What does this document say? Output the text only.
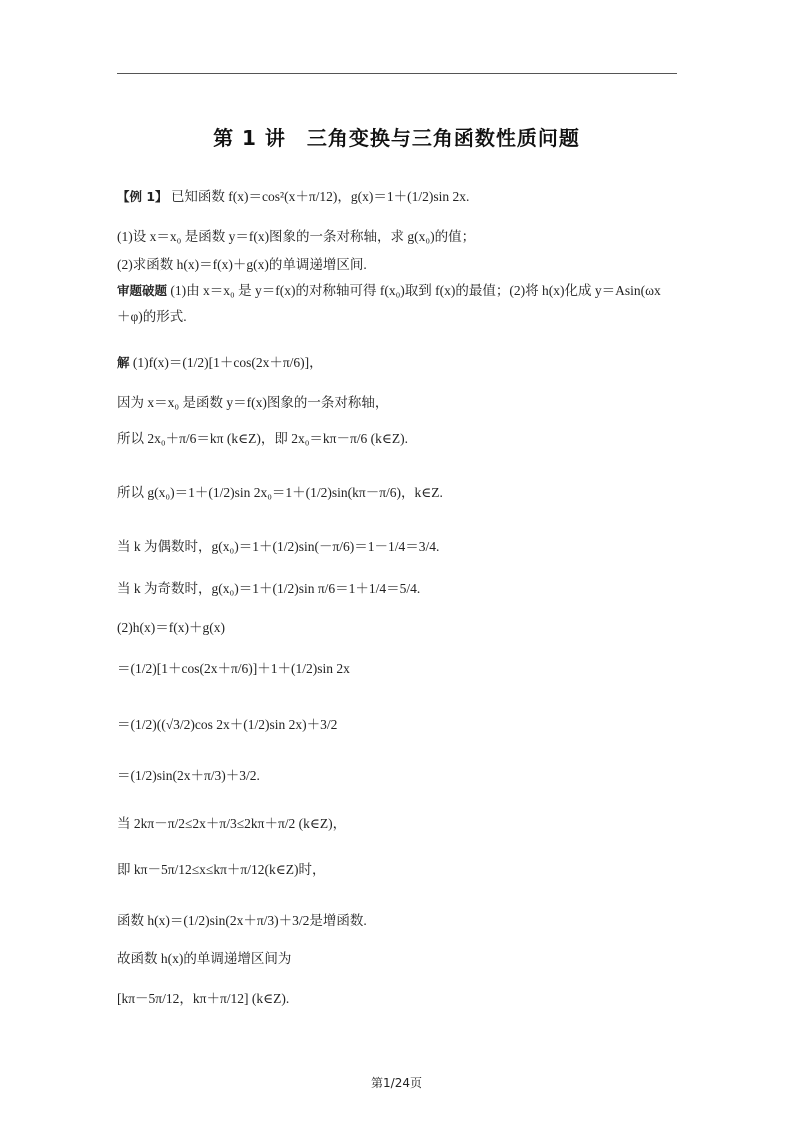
第 1 讲　三角变换与三角函数性质问题
【例 1】 已知函数 f(x)＝cos²(x＋π/12)，g(x)＝1＋(1/2)sin 2x.
(1)设 x＝x₀ 是函数 y＝f(x)图象的一条对称轴，求 g(x₀)的值；
(2)求函数 h(x)＝f(x)＋g(x)的单调递增区间.
审题破题 (1)由 x＝x₀ 是 y＝f(x)的对称轴可得 f(x₀)取到 f(x)的最值；(2)将 h(x)化成 y＝Asin(ωx
＋φ)的形式.
解 (1)f(x)＝(1/2)[1＋cos(2x＋π/6)]，
因为 x＝x₀ 是函数 y＝f(x)图象的一条对称轴，
所以 2x₀＋π/6＝kπ (k∈Z)，即 2x₀＝kπ－π/6 (k∈Z).
所以 g(x₀)＝1＋(1/2)sin 2x₀＝1＋(1/2)sin(kπ－π/6)，k∈Z.
当 k 为偶数时，g(x₀)＝1＋(1/2)sin(－π/6)＝1－1/4＝3/4.
当 k 为奇数时，g(x₀)＝1＋(1/2)sin π/6＝1＋1/4＝5/4.
(2)h(x)＝f(x)＋g(x)
＝(1/2)[1＋cos(2x＋π/6)]＋1＋(1/2)sin 2x
＝(1/2)((√3/2)cos 2x＋(1/2)sin 2x)＋3/2
＝(1/2)sin(2x＋π/3)＋3/2.
当 2kπ－π/2≤2x＋π/3≤2kπ＋π/2 (k∈Z)，
即 kπ－5π/12≤x≤kπ＋π/12(k∈Z)时，
函数 h(x)＝(1/2)sin(2x＋π/3)＋3/2是增函数.
故函数 h(x)的单调递增区间为
[kπ－5π/12，kπ＋π/12] (k∈Z).
第1/24页
